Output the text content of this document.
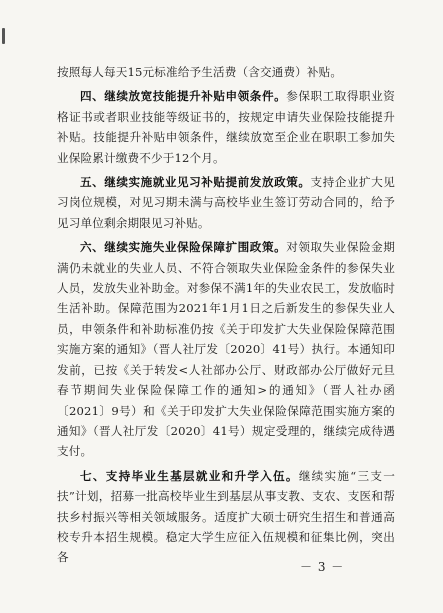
按照每人每天15元标准给予生活费（含交通费）补贴。

四、继续放宽技能提升补贴申领条件。参保职工取得职业资格证书或者职业技能等级证书的，按规定申请失业保险技能提升补贴。技能提升补贴申领条件，继续放宽至企业在职职工参加失业保险累计缴费不少于12个月。

五、继续实施就业见习补贴提前发放政策。支持企业扩大见习岗位规模，对见习期未满与高校毕业生签订劳动合同的，给予见习单位剩余期限见习补贴。

六、继续实施失业保险保障扩围政策。对领取失业保险金期满仍未就业的失业人员、不符合领取失业保险金条件的参保失业人员，发放失业补助金。对参保不满1年的失业农民工，发放临时生活补助。保障范围为2021年1月1日之后新发生的参保失业人员，申领条件和补助标准仍按《关于印发扩大失业保险保障范围实施方案的通知》（晋人社厅发〔2020〕41号）执行。本通知印发前，已按《关于转发<人社部办公厅、财政部办公厅做好元旦春节期间失业保险保障工作的通知>的通知》（晋人社办函〔2021〕9号）和《关于印发扩大失业保险保障范围实施方案的通知》（晋人社厅发〔2020〕41号）规定受理的，继续完成待遇支付。

七、支持毕业生基层就业和升学入伍。继续实施“三支一扶”计划，招募一批高校毕业生到基层从事支教、支农、支医和帮扶乡村振兴等相关领域服务。适度扩大硕士研究生招生和普通高校专升本招生规模。稳定大学生应征入伍规模和征集比例，突出各

－ 3 －
